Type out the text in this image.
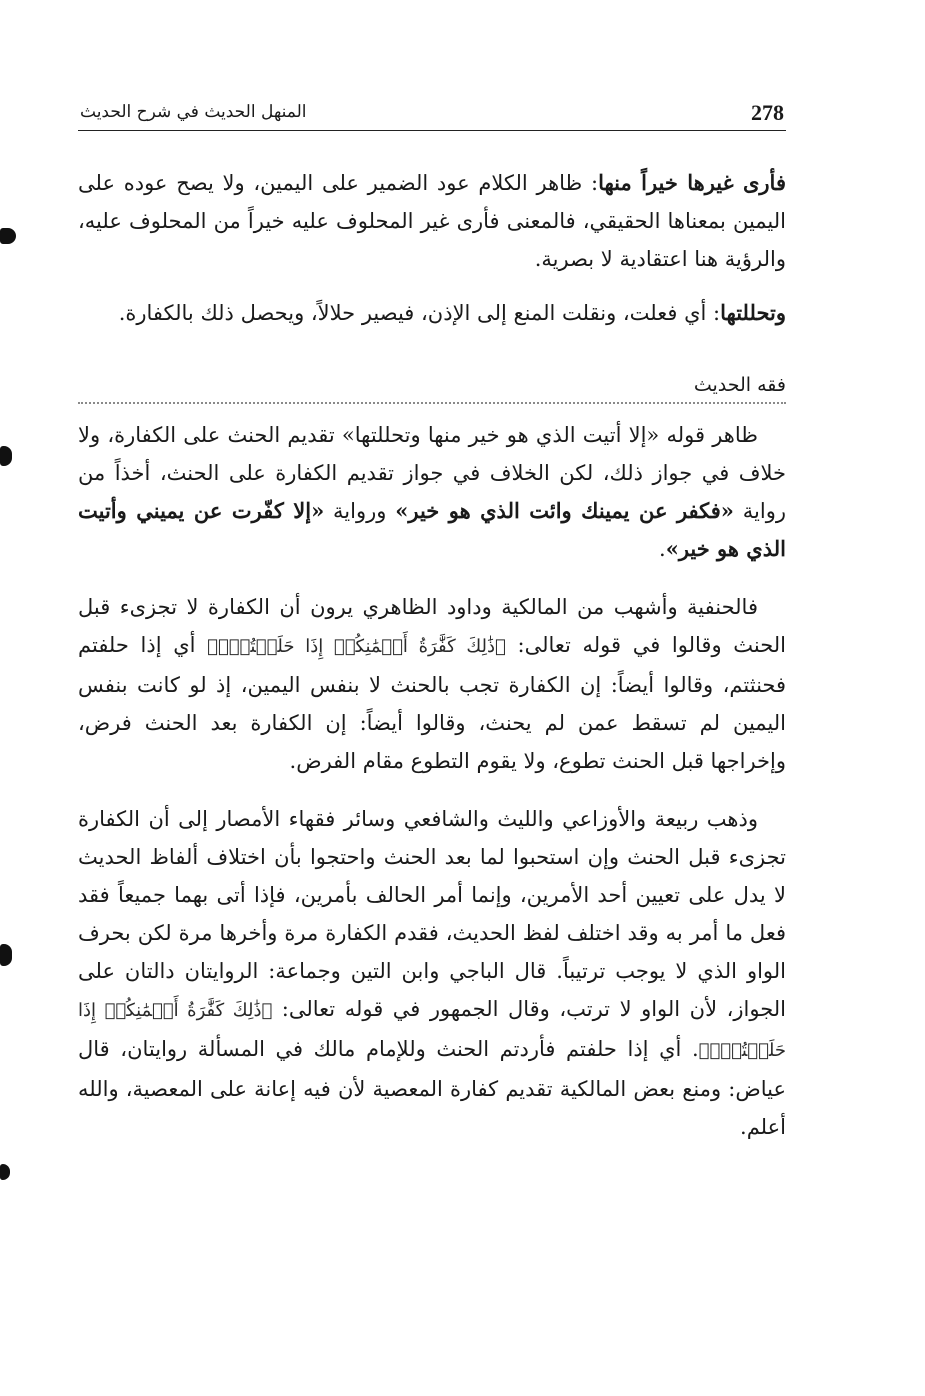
278
المنهل الحديث في شرح الحديث

فأرى غيرها خيراً منها: ظاهر الكلام عود الضمير على اليمين، ولا يصح عوده على اليمين بمعناها الحقيقي، فالمعنى فأرى غير المحلوف عليه خيراً من المحلوف عليه، والرؤية هنا اعتقادية لا بصرية.

وتحللتها: أي فعلت، ونقلت المنع إلى الإذن، فيصير حلالاً، ويحصل ذلك بالكفارة.

فقه الحديث

ظاهر قوله «إلا أتيت الذي هو خير منها وتحللتها» تقديم الحنث على الكفارة، ولا خلاف في جواز ذلك، لكن الخلاف في جواز تقديم الكفارة على الحنث، أخذاً من رواية «فكفر عن يمينك وائت الذي هو خير» ورواية «إلا كفّرت عن يميني وأتيت الذي هو خير».

فالحنفية وأشهب من المالكية وداود الظاهري يرون أن الكفارة لا تجزىء قبل الحنث وقالوا في قوله تعالى: ﴿ذَٰلِكَ كَفَّٰرَةُ أَيۡمَٰنِكُمۡ إِذَا حَلَفۡتُمۡۚ﴾ أي إذا حلفتم فحنثتم، وقالوا أيضاً: إن الكفارة تجب بالحنث لا بنفس اليمين، إذ لو كانت بنفس اليمين لم تسقط عمن لم يحنث، وقالوا أيضاً: إن الكفارة بعد الحنث فرض، وإخراجها قبل الحنث تطوع، ولا يقوم التطوع مقام الفرض.

وذهب ربيعة والأوزاعي والليث والشافعي وسائر فقهاء الأمصار إلى أن الكفارة تجزىء قبل الحنث وإن استحبوا لما بعد الحنث واحتجوا بأن اختلاف ألفاظ الحديث لا يدل على تعيين أحد الأمرين، وإنما أمر الحالف بأمرين، فإذا أتى بهما جميعاً فقد فعل ما أمر به وقد اختلف لفظ الحديث، فقدم الكفارة مرة وأخرها مرة لكن بحرف الواو الذي لا يوجب ترتيباً. قال الباجي وابن التين وجماعة: الروايتان دالتان على الجواز، لأن الواو لا ترتب، وقال الجمهور في قوله تعالى: ﴿ذَٰلِكَ كَفَّٰرَةُ أَيۡمَٰنِكُمۡ إِذَا حَلَفۡتُمۡۚ﴾. أي إذا حلفتم فأردتم الحنث وللإمام مالك في المسألة روايتان، قال عياض: ومنع بعض المالكية تقديم كفارة المعصية لأن فيه إعانة على المعصية، والله أعلم.
